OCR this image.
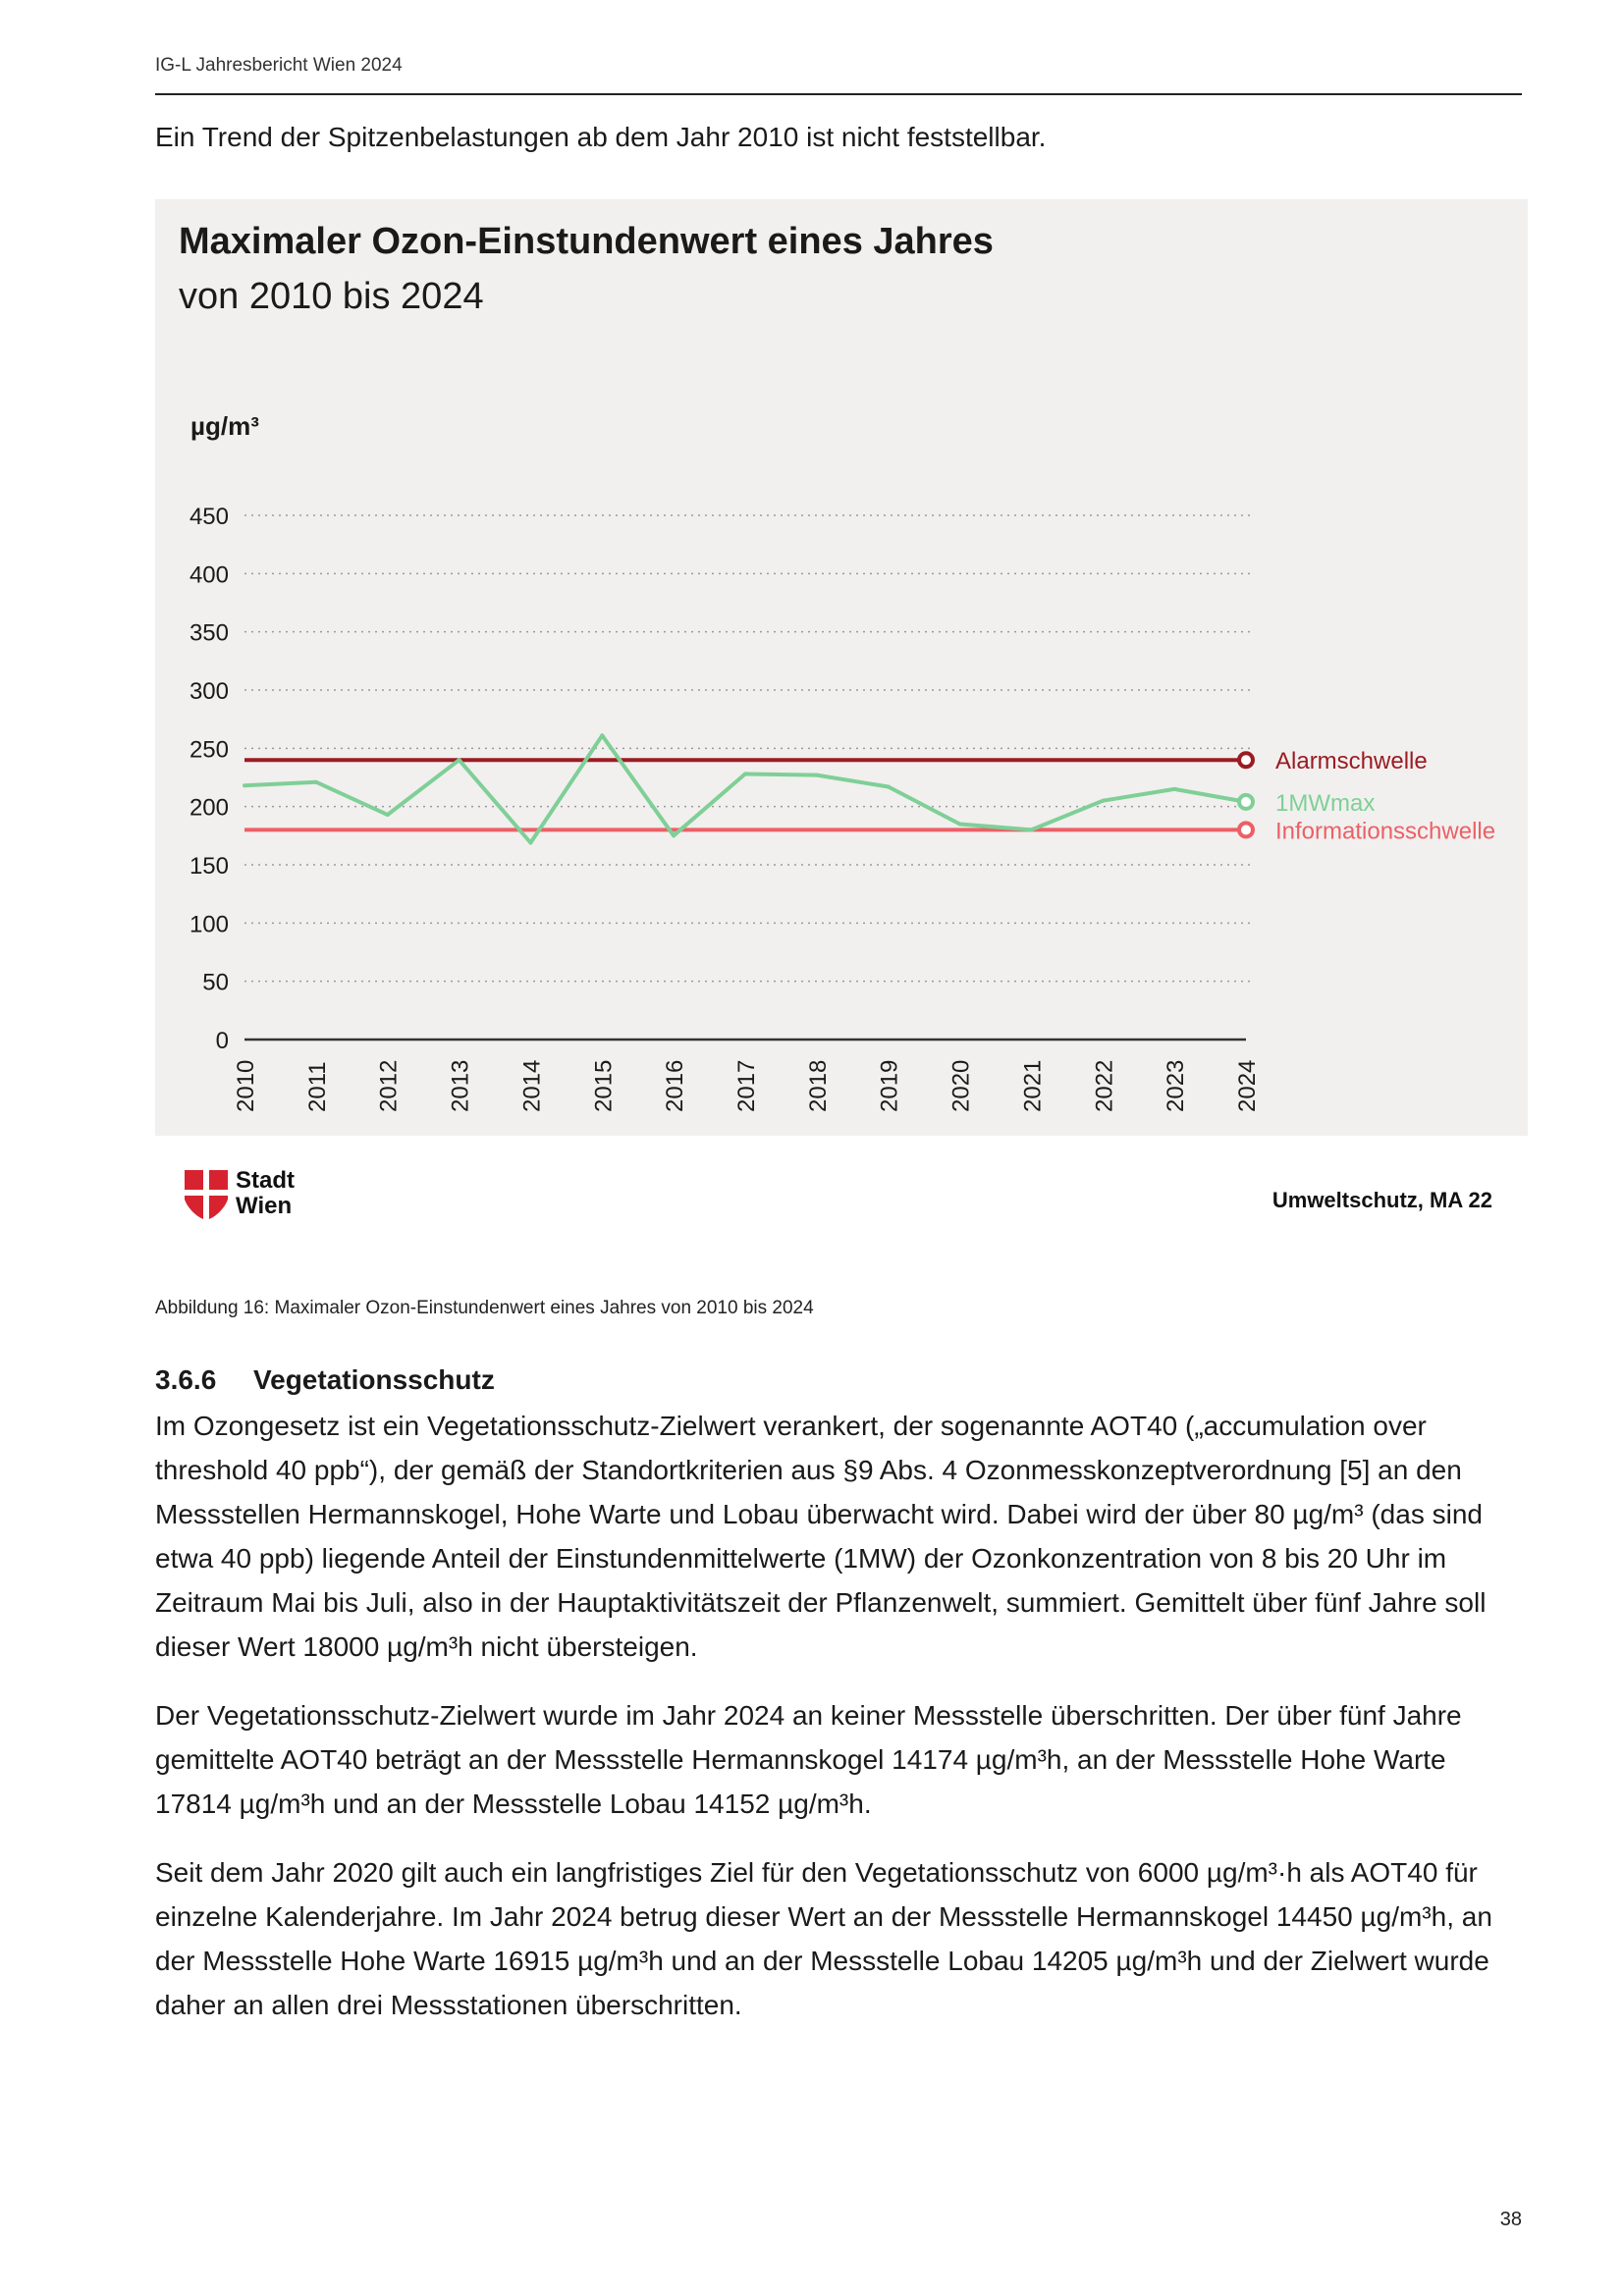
IG-L Jahresbericht Wien 2024
Ein Trend der Spitzenbelastungen ab dem Jahr 2010 ist nicht feststellbar.
Maximaler Ozon-Einstundenwert eines Jahres
von 2010 bis 2024
µg/m³
0
50
100
150
200
250
300
350
400
450
2010 2011 2012 2013 2014 2015 2016 2017 2018 2019 2020 2021 2022 2023 2024
Alarmschwelle
Informationsschwelle
1MWmax
Stadt
Wien	Umweltschutz, MA 22
Abbildung 16: Maximaler Ozon-Einstundenwert eines Jahres von 2010 bis 2024
3.6.6 Vegetationsschutz

Im Ozongesetz ist ein Vegetationsschutz-Zielwert verankert, der sogenannte AOT40 („accumulation over threshold 40 ppb“), der gemäß der Standortkriterien aus §9 Abs. 4 Ozonmesskonzeptverordnung [5] an den Messstellen Hermannskogel, Hohe Warte und Lobau überwacht wird. Dabei wird der über 80 µg/m³ (das sind etwa 40 ppb) liegende Anteil der Einstundenmittelwerte (1MW) der Ozonkonzentration von 8 bis 20 Uhr im Zeitraum Mai bis Juli, also in der Hauptaktivitätszeit der Pflanzenwelt, summiert. Gemittelt über fünf Jahre soll dieser Wert 18000 µg/m³h nicht übersteigen.

Der Vegetationsschutz-Zielwert wurde im Jahr 2024 an keiner Messstelle überschritten. Der über fünf Jahre gemittelte AOT40 beträgt an der Messstelle Hermannskogel 14174 µg/m³h, an der Messstelle Hohe Warte 17814 µg/m³h und an der Messstelle Lobau 14152 µg/m³h.

Seit dem Jahr 2020 gilt auch ein langfristiges Ziel für den Vegetationsschutz von 6000 µg/m³·h als AOT40 für einzelne Kalenderjahre. Im Jahr 2024 betrug dieser Wert an der Messstelle Hermannskogel 14450 µg/m³h, an der Messstelle Hohe Warte 16915 µg/m³h und an der Messstelle Lobau 14205 µg/m³h und der Zielwert wurde daher an allen drei Messstationen überschritten.

38
